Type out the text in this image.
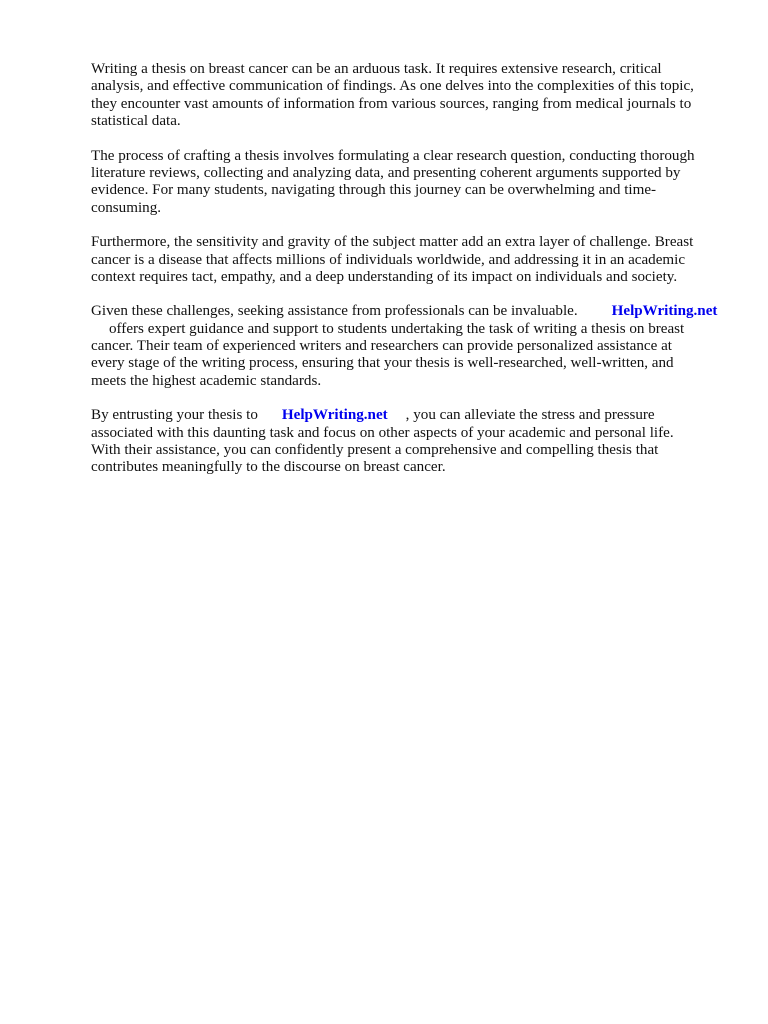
Writing a thesis on breast cancer can be an arduous task. It requires extensive research, critical
analysis, and effective communication of findings. As one delves into the complexities of this topic,
they encounter vast amounts of information from various sources, ranging from medical journals to
statistical data.

The process of crafting a thesis involves formulating a clear research question, conducting thorough
literature reviews, collecting and analyzing data, and presenting coherent arguments supported by
evidence. For many students, navigating through this journey can be overwhelming and time-
consuming.

Furthermore, the sensitivity and gravity of the subject matter add an extra layer of challenge. Breast
cancer is a disease that affects millions of individuals worldwide, and addressing it in an academic
context requires tact, empathy, and a deep understanding of its impact on individuals and society.

Given these challenges, seeking assistance from professionals can be invaluable. HelpWriting.net
offers expert guidance and support to students undertaking the task of writing a thesis on breast
cancer. Their team of experienced writers and researchers can provide personalized assistance at
every stage of the writing process, ensuring that your thesis is well-researched, well-written, and
meets the highest academic standards.

By entrusting your thesis to HelpWriting.net , you can alleviate the stress and pressure
associated with this daunting task and focus on other aspects of your academic and personal life.
With their assistance, you can confidently present a comprehensive and compelling thesis that
contributes meaningfully to the discourse on breast cancer.
